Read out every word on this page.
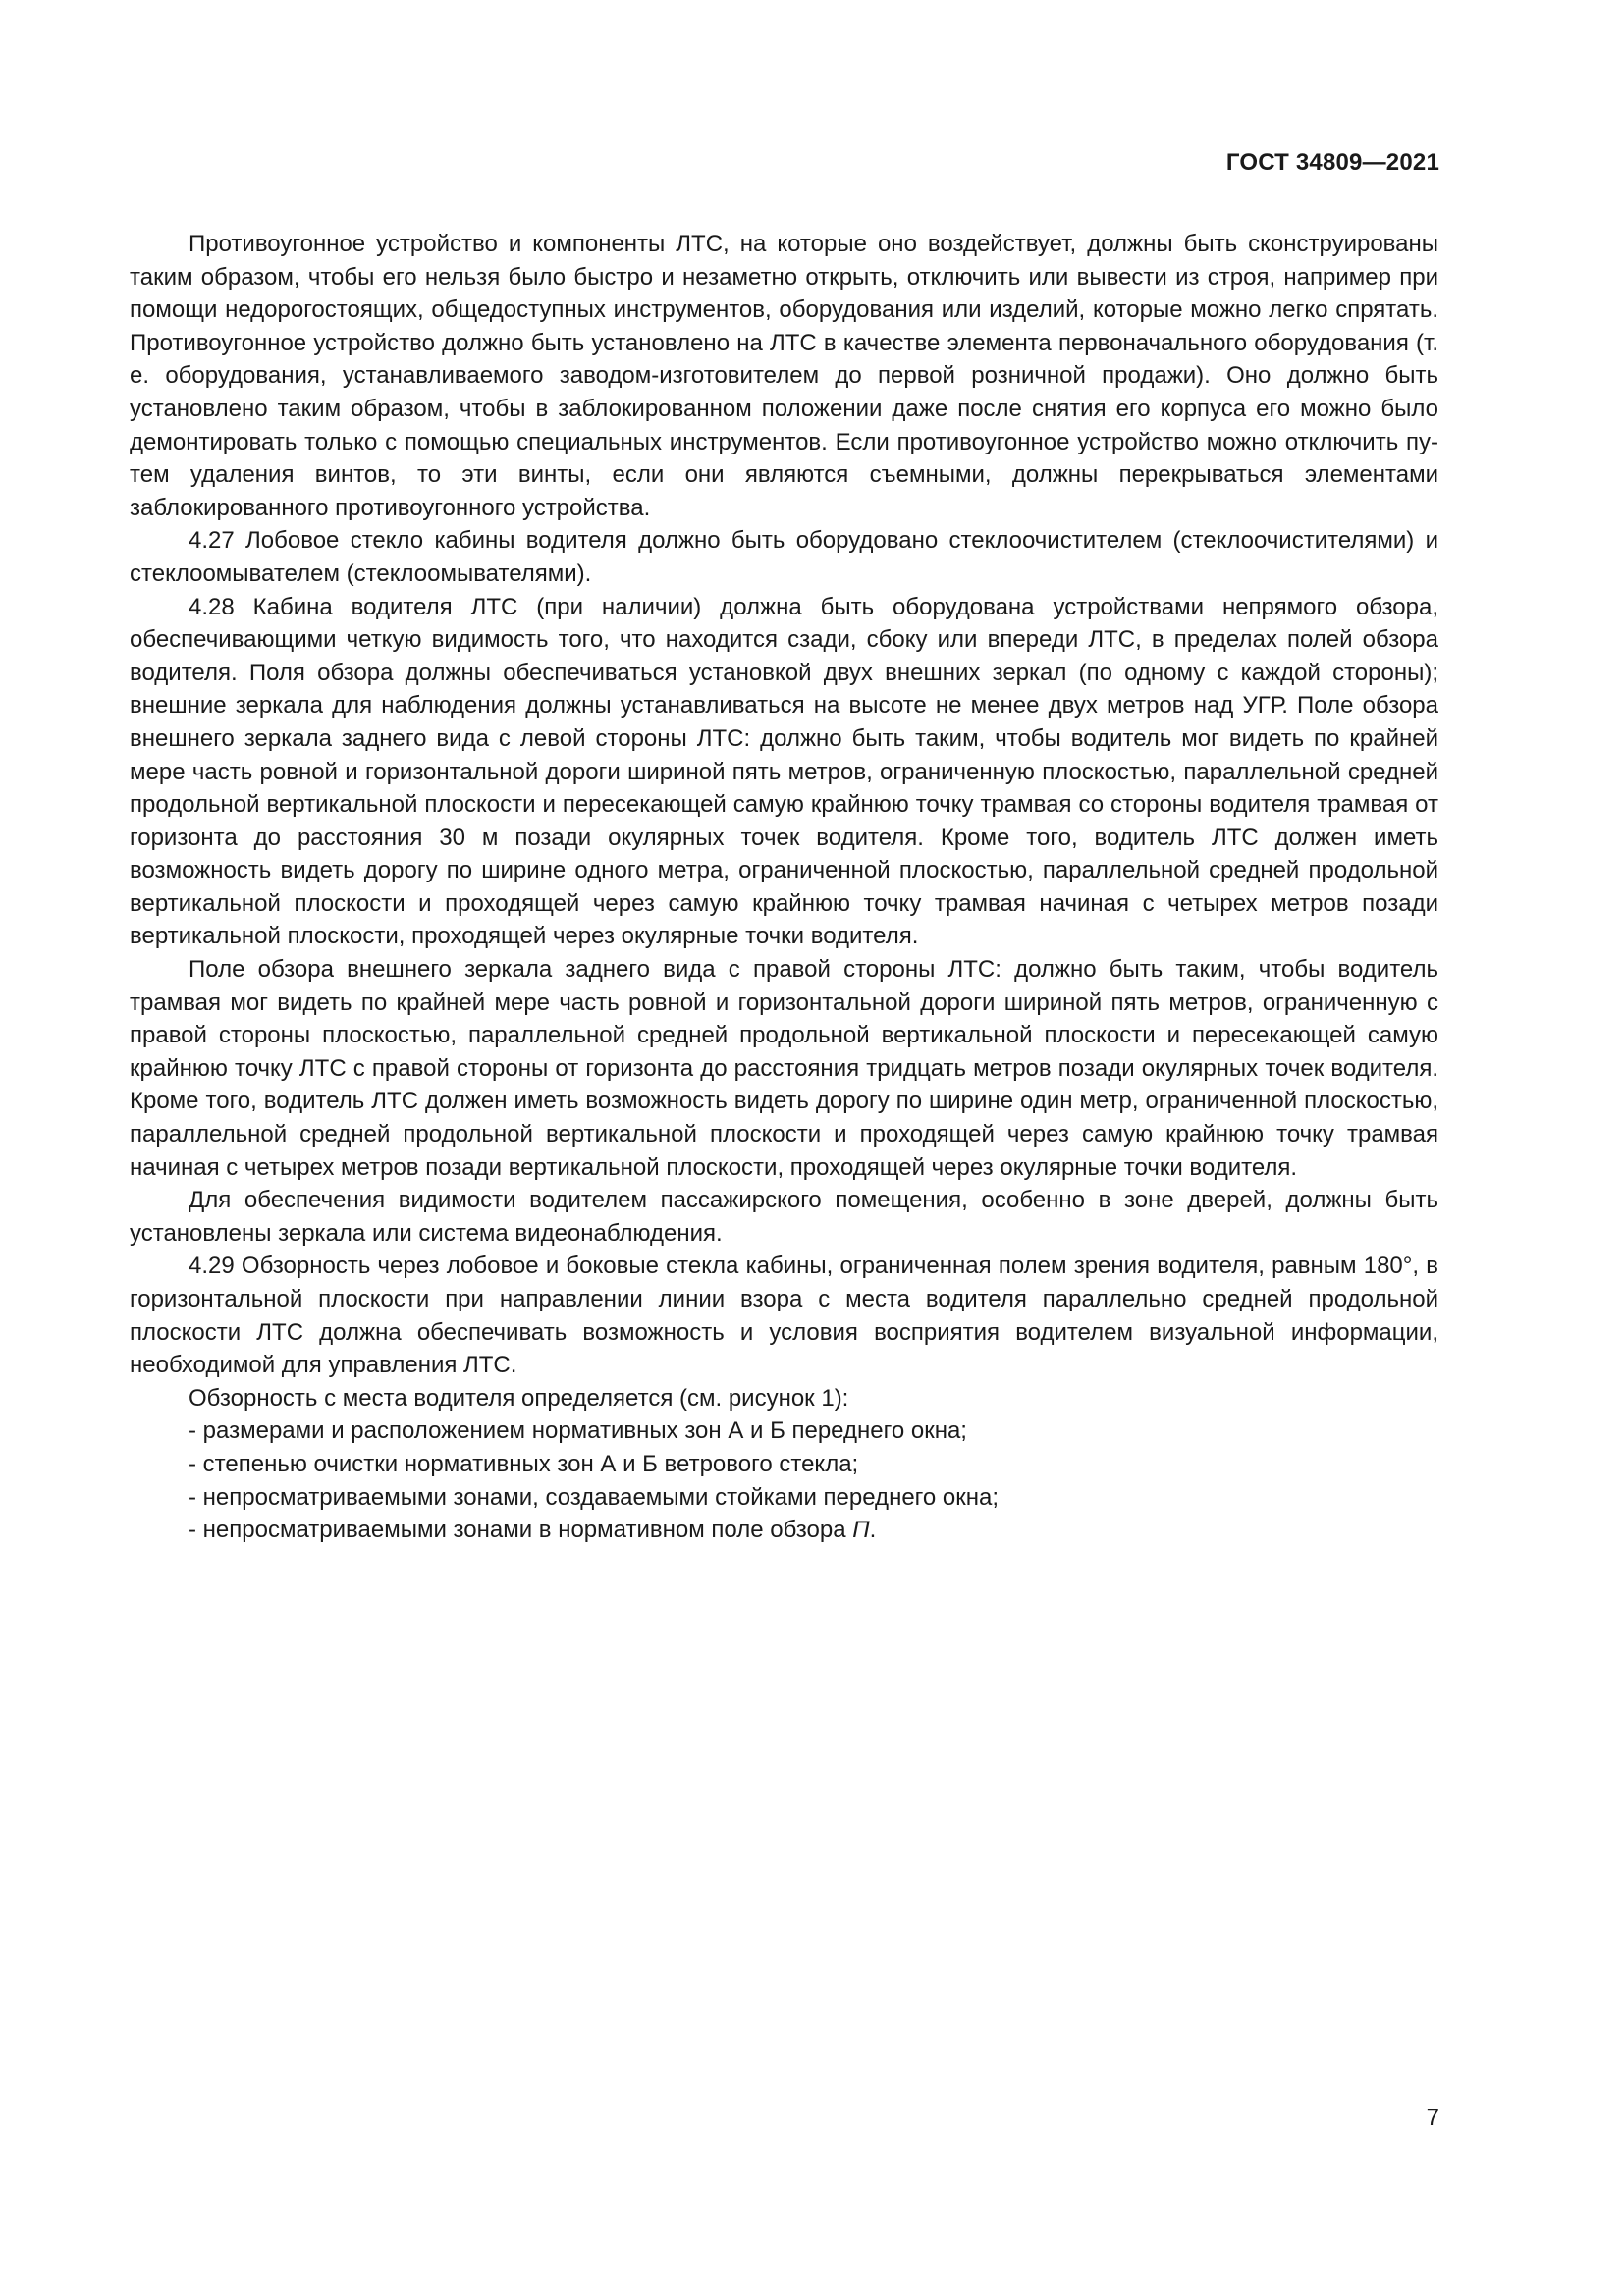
ГОСТ 34809—2021

Противоугонное устройство и компоненты ЛТС, на которые оно воздействует, должны быть сконструированы таким образом, чтобы его нельзя было быстро и незаметно открыть, отключить или вывести из строя, например при помощи недорогостоящих, общедоступных инструментов, оборудования или изделий, которые можно легко спрятать. Противоугонное устройство должно быть установлено на ЛТС в качестве элемента первоначального оборудования (т. е. оборудования, устанавливаемого заводом-изготовителем до первой розничной продажи). Оно должно быть установлено таким образом, чтобы в заблокированном положении даже после снятия его корпуса его можно было демонтировать только с помощью специальных инструментов. Если противоугонное устройство можно отключить путем удаления винтов, то эти винты, если они являются съемными, должны перекрываться элементами заблокированного противоугонного устройства.

4.27 Лобовое стекло кабины водителя должно быть оборудовано стеклоочистителем (стеклоочистителями) и стеклоомывателем (стеклоомывателями).

4.28 Кабина водителя ЛТС (при наличии) должна быть оборудована устройствами непрямого обзора, обеспечивающими четкую видимость того, что находится сзади, сбоку или впереди ЛТС, в пределах полей обзора водителя. Поля обзора должны обеспечиваться установкой двух внешних зеркал (по одному с каждой стороны); внешние зеркала для наблюдения должны устанавливаться на высоте не менее двух метров над УГР. Поле обзора внешнего зеркала заднего вида с левой стороны ЛТС: должно быть таким, чтобы водитель мог видеть по крайней мере часть ровной и горизонтальной дороги шириной пять метров, ограниченную плоскостью, параллельной средней продольной вертикальной плоскости и пересекающей самую крайнюю точку трамвая со стороны водителя трамвая от горизонта до расстояния 30 м позади окулярных точек водителя. Кроме того, водитель ЛТС должен иметь возможность видеть дорогу по ширине одного метра, ограниченной плоскостью, параллельной средней продольной вертикальной плоскости и проходящей через самую крайнюю точку трамвая начиная с четырех метров позади вертикальной плоскости, проходящей через окулярные точки водителя.

Поле обзора внешнего зеркала заднего вида с правой стороны ЛТС: должно быть таким, чтобы водитель трамвая мог видеть по крайней мере часть ровной и горизонтальной дороги шириной пять метров, ограниченную с правой стороны плоскостью, параллельной средней продольной вертикальной плоскости и пересекающей самую крайнюю точку ЛТС с правой стороны от горизонта до расстояния тридцать метров позади окулярных точек водителя. Кроме того, водитель ЛТС должен иметь возможность видеть дорогу по ширине один метр, ограниченной плоскостью, параллельной средней продольной вертикальной плоскости и проходящей через самую крайнюю точку трамвая начиная с четырех метров позади вертикальной плоскости, проходящей через окулярные точки водителя.

Для обеспечения видимости водителем пассажирского помещения, особенно в зоне дверей, должны быть установлены зеркала или система видеонаблюдения.

4.29 Обзорность через лобовое и боковые стекла кабины, ограниченная полем зрения водителя, равным 180°, в горизонтальной плоскости при направлении линии взора с места водителя параллельно средней продольной плоскости ЛТС должна обеспечивать возможность и условия восприятия водителем визуальной информации, необходимой для управления ЛТС.

Обзорность с места водителя определяется (см. рисунок 1):

- размерами и расположением нормативных зон А и Б переднего окна;
- степенью очистки нормативных зон А и Б ветрового стекла;
- непросматриваемыми зонами, создаваемыми стойками переднего окна;
- непросматриваемыми зонами в нормативном поле обзора П.
7
